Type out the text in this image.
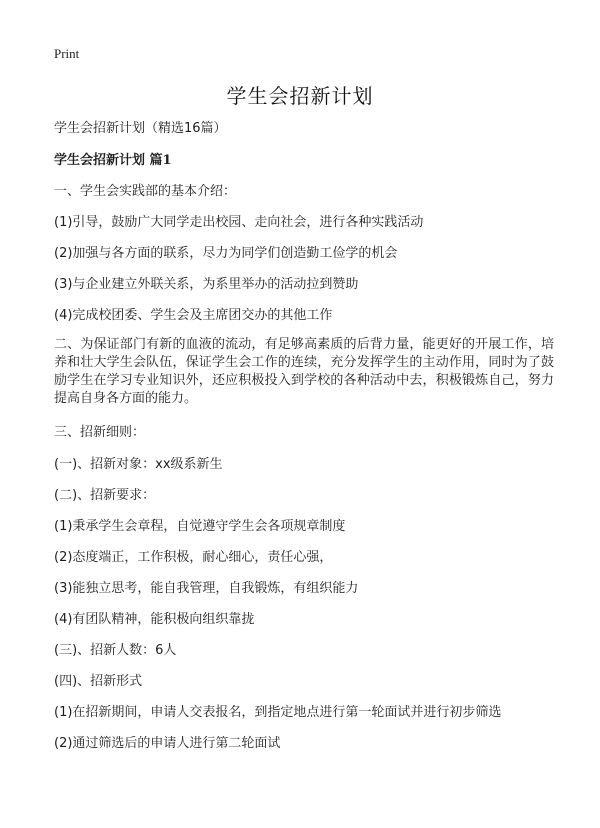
Print
学生会招新计划
学生会招新计划（精选16篇）
学生会招新计划 篇1
一、学生会实践部的基本介绍：
(1)引导，鼓励广大同学走出校园、走向社会，进行各种实践活动
(2)加强与各方面的联系，尽力为同学们创造勤工俭学的机会
(3)与企业建立外联关系，为系里举办的活动拉到赞助
(4)完成校团委、学生会及主席团交办的其他工作
二、为保证部门有新的血液的流动，有足够高素质的后背力量，能更好的开展工作，培养和壮大学生会队伍，保证学生会工作的连续，充分发挥学生的主动作用，同时为了鼓励学生在学习专业知识外，还应积极投入到学校的各种活动中去，积极锻炼自己，努力提高自身各方面的能力。
三、招新细则：
(一)、招新对象：xx级系新生
(二)、招新要求：
(1)秉承学生会章程，自觉遵守学生会各项规章制度
(2)态度端正，工作积极，耐心细心，责任心强，
(3)能独立思考，能自我管理，自我锻炼，有组织能力
(4)有团队精神，能积极向组织靠拢
(三)、招新人数：6人
(四)、招新形式
(1)在招新期间，申请人交表报名，到指定地点进行第一轮面试并进行初步筛选
(2)通过筛选后的申请人进行第二轮面试
